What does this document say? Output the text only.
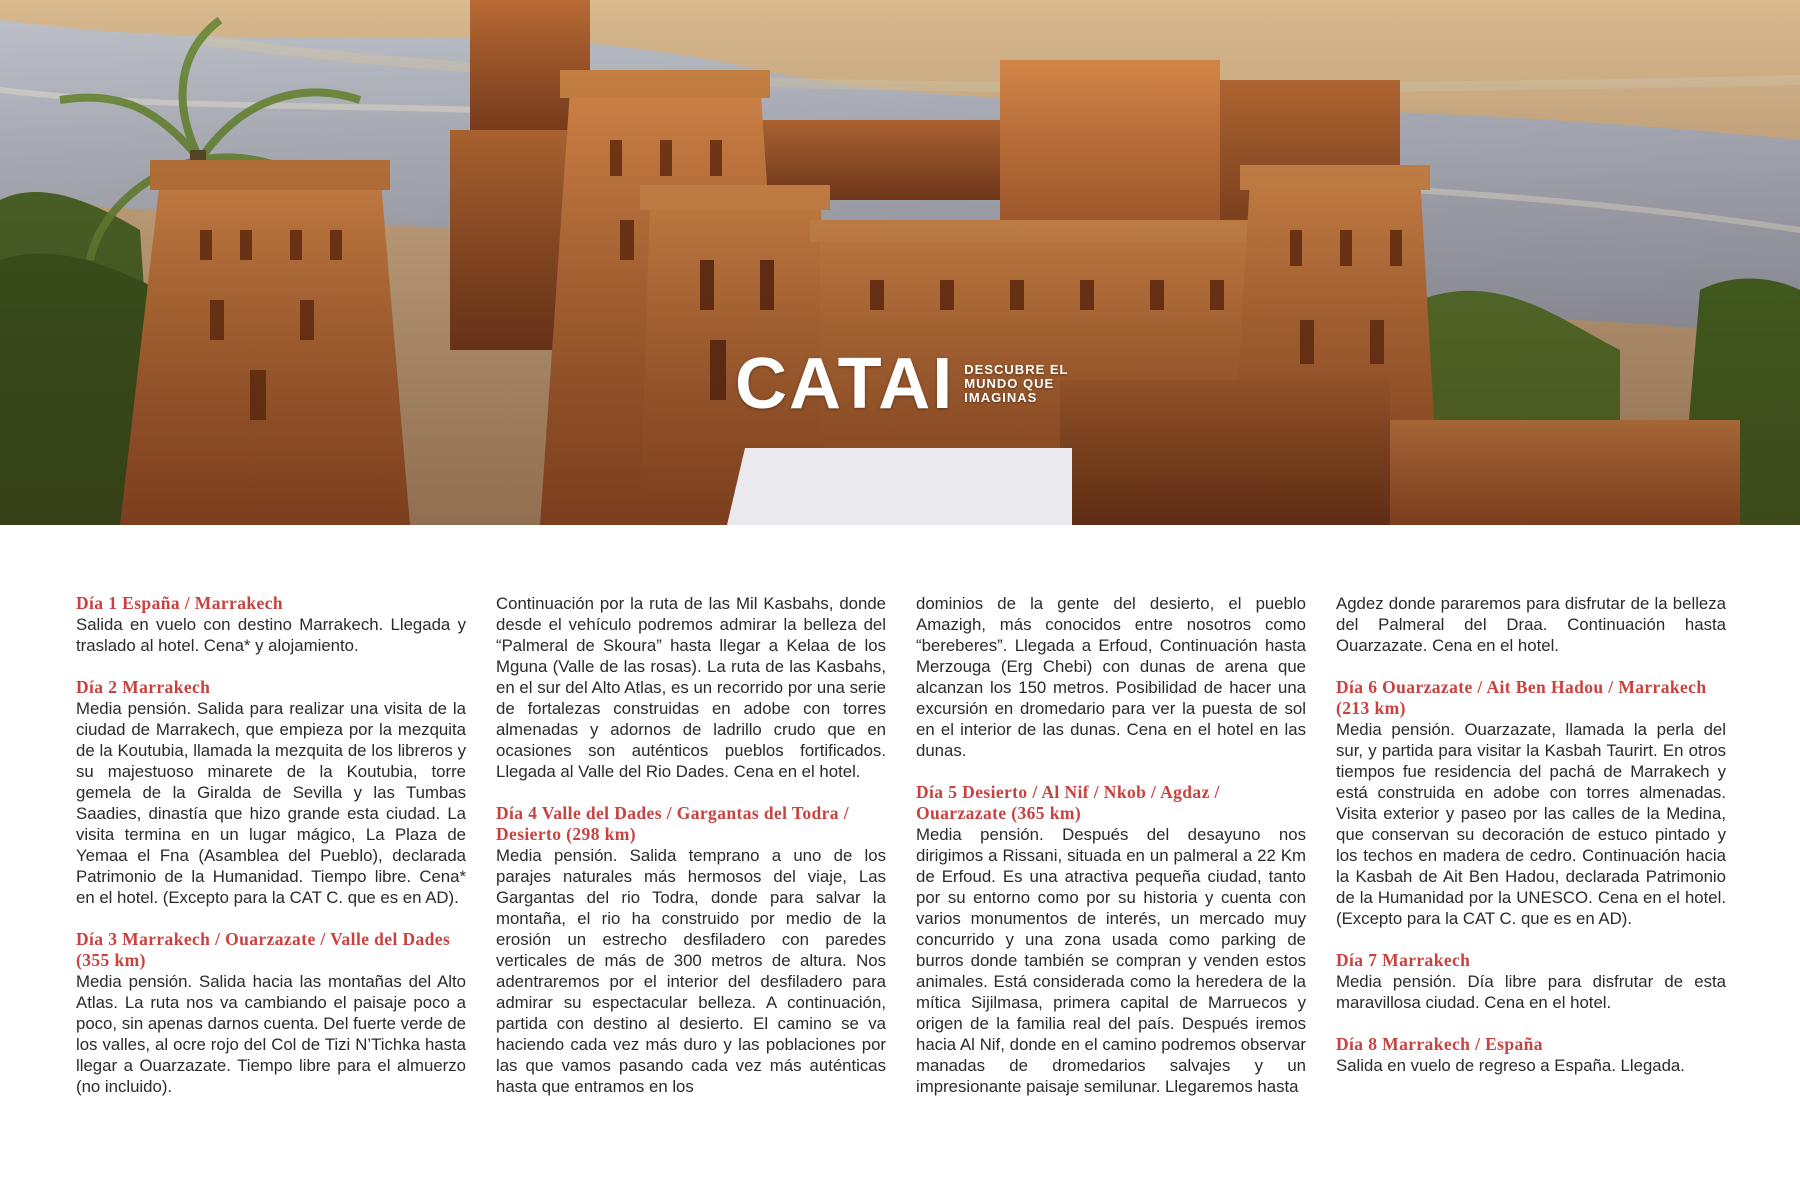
CATAI DESCUBRE EL
MUNDO QUE
IMAGINAS
Día 1 España / Marrakech

Salida en vuelo con destino Marrakech. Llegada y traslado al hotel. Cena* y alojamiento.

Día 2 Marrakech

Media pensión. Salida para realizar una visita de la ciudad de Marrakech, que empieza por la mezquita de la Koutubia, llamada la mezquita de los libreros y su majestuoso minarete de la Koutubia, torre gemela de la Giralda de Sevilla y las Tumbas Saadies, dinastía que hizo grande esta ciudad. La visita termina en un lugar mágico, La Plaza de Yemaa el Fna (Asamblea del Pueblo), declarada Patrimonio de la Humanidad. Tiempo libre. Cena* en el hotel. (Excepto para la CAT C. que es en AD).

Día 3 Marrakech / Ouarzazate / Valle del Dades (355 km)

Media pensión. Salida hacia las montañas del Alto Atlas. La ruta nos va cambiando el paisaje poco a poco, sin apenas darnos cuenta. Del fuerte verde de los valles, al ocre rojo del Col de Tizi N’Tichka hasta llegar a Ouarzazate. Tiempo libre para el almuerzo (no incluido).

Continuación por la ruta de las Mil Kasbahs, donde desde el vehículo podremos admirar la belleza del “Palmeral de Skoura” hasta llegar a Kelaa de los Mguna (Valle de las rosas). La ruta de las Kasbahs, en el sur del Alto Atlas, es un recorrido por una serie de fortalezas construidas en adobe con torres almenadas y adornos de ladrillo crudo que en ocasiones son auténticos pueblos fortificados. Llegada al Valle del Rio Dades. Cena en el hotel.

Día 4 Valle del Dades / Gargantas del Todra / Desierto (298 km)

Media pensión. Salida temprano a uno de los parajes naturales más hermosos del viaje, Las Gargantas del rio Todra, donde para salvar la montaña, el rio ha construido por medio de la erosión un estrecho desfiladero con paredes verticales de más de 300 metros de altura. Nos adentraremos por el interior del desfiladero para admirar su espectacular belleza. A continuación, partida con destino al desierto. El camino se va haciendo cada vez más duro y las poblaciones por las que vamos pasando cada vez más auténticas hasta que entramos en los

dominios de la gente del desierto, el pueblo Amazigh, más conocidos entre nosotros como “bereberes”. Llegada a Erfoud, Continuación hasta Merzouga (Erg Chebi) con dunas de arena que alcanzan los 150 metros. Posibilidad de hacer una excursión en dromedario para ver la puesta de sol en el interior de las dunas. Cena en el hotel en las dunas.

Día 5 Desierto / Al Nif / Nkob / Agdaz / Ouarzazate (365 km)

Media pensión. Después del desayuno nos dirigimos a Rissani, situada en un palmeral a 22 Km de Erfoud. Es una atractiva pequeña ciudad, tanto por su entorno como por su historia y cuenta con varios monumentos de interés, un mercado muy concurrido y una zona usada como parking de burros donde también se compran y venden estos animales. Está considerada como la heredera de la mítica Sijilmasa, primera capital de Marruecos y origen de la familia real del país. Después iremos hacia Al Nif, donde en el camino podremos observar manadas de dromedarios salvajes y un impresionante paisaje semilunar. Llegaremos hasta

Agdez donde pararemos para disfrutar de la belleza del Palmeral del Draa. Continuación hasta Ouarzazate. Cena en el hotel.

Día 6 Ouarzazate / Ait Ben Hadou / Marrakech (213 km)

Media pensión. Ouarzazate, llamada la perla del sur, y partida para visitar la Kasbah Taurirt. En otros tiempos fue residencia del pachá de Marrakech y está construida en adobe con torres almenadas. Visita exterior y paseo por las calles de la Medina, que conservan su decoración de estuco pintado y los techos en madera de cedro. Continuación hacia la Kasbah de Ait Ben Hadou, declarada Patrimonio de la Humanidad por la UNESCO. Cena en el hotel. (Excepto para la CAT C. que es en AD).

Día 7 Marrakech

Media pensión. Día libre para disfrutar de esta maravillosa ciudad. Cena en el hotel.

Día 8 Marrakech / España

Salida en vuelo de regreso a España. Llegada.
